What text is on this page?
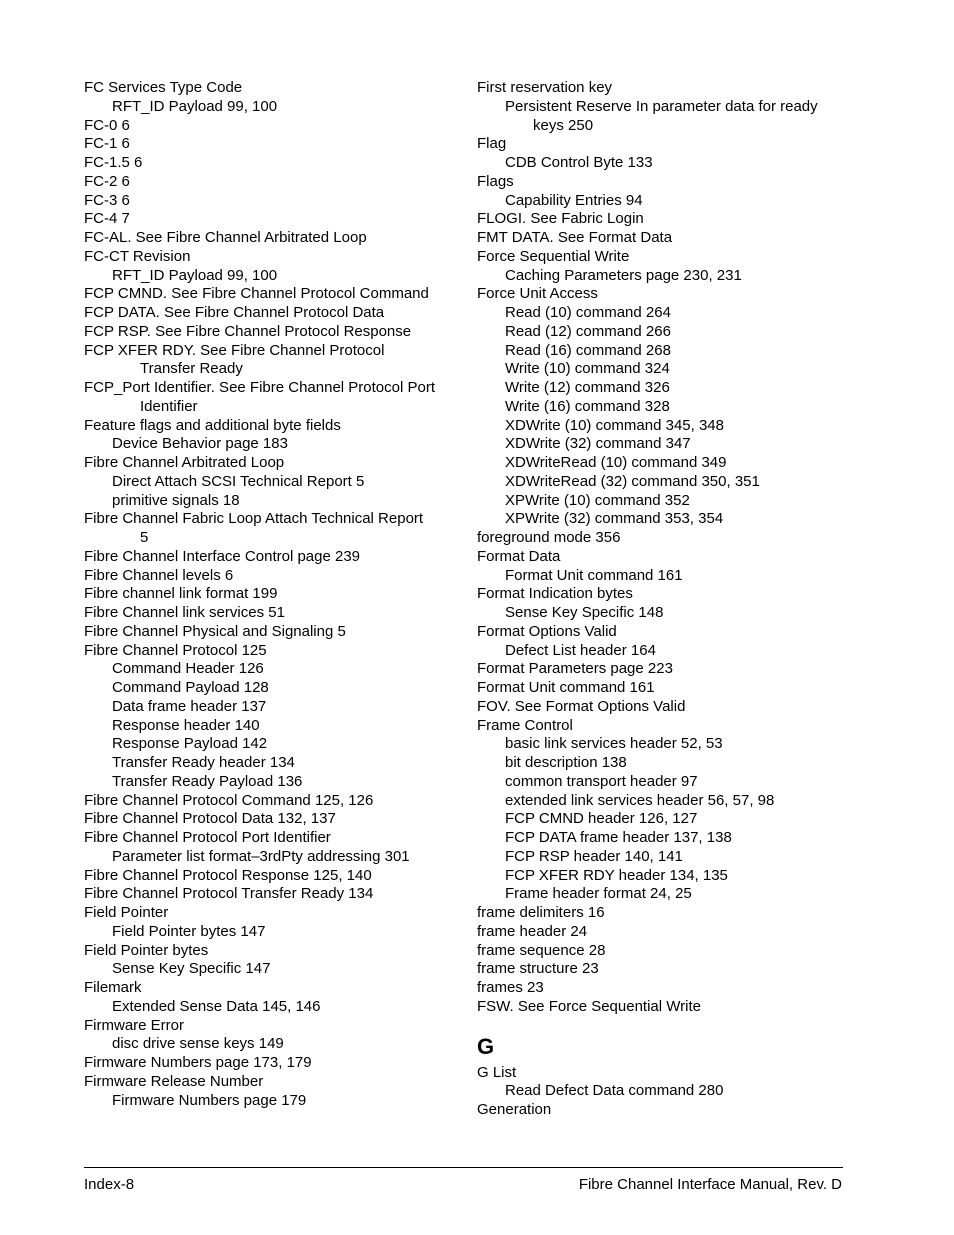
FC Services Type Code
RFT_ID Payload 99, 100
FC-0 6
FC-1 6
FC-1.5 6
FC-2 6
FC-3 6
FC-4 7
FC-AL. See Fibre Channel Arbitrated Loop
FC-CT Revision
RFT_ID Payload 99, 100
FCP CMND. See Fibre Channel Protocol Command
FCP DATA. See Fibre Channel Protocol Data
FCP RSP. See Fibre Channel Protocol Response
FCP XFER RDY. See Fibre Channel Protocol
Transfer Ready
FCP_Port Identifier. See Fibre Channel Protocol Port
Identifier
Feature flags and additional byte fields
Device Behavior page 183
Fibre Channel Arbitrated Loop
Direct Attach SCSI Technical Report 5
primitive signals 18
Fibre Channel Fabric Loop Attach Technical Report
5
Fibre Channel Interface Control page 239
Fibre Channel levels 6
Fibre channel link format 199
Fibre Channel link services 51
Fibre Channel Physical and Signaling 5
Fibre Channel Protocol 125
Command Header 126
Command Payload 128
Data frame header 137
Response header 140
Response Payload 142
Transfer Ready header 134
Transfer Ready Payload 136
Fibre Channel Protocol Command 125, 126
Fibre Channel Protocol Data 132, 137
Fibre Channel Protocol Port Identifier
Parameter list format–3rdPty addressing 301
Fibre Channel Protocol Response 125, 140
Fibre Channel Protocol Transfer Ready 134
Field Pointer
Field Pointer bytes 147
Field Pointer bytes
Sense Key Specific 147
Filemark
Extended Sense Data 145, 146
Firmware Error
disc drive sense keys 149
Firmware Numbers page 173, 179
Firmware Release Number
Firmware Numbers page 179
First reservation key
Persistent Reserve In parameter data for ready
keys 250
Flag
CDB Control Byte 133
Flags
Capability Entries 94
FLOGI. See Fabric Login
FMT DATA. See Format Data
Force Sequential Write
Caching Parameters page 230, 231
Force Unit Access
Read (10) command 264
Read (12) command 266
Read (16) command 268
Write (10) command 324
Write (12) command 326
Write (16) command 328
XDWrite (10) command 345, 348
XDWrite (32) command 347
XDWriteRead (10) command 349
XDWriteRead (32) command 350, 351
XPWrite (10) command 352
XPWrite (32) command 353, 354
foreground mode 356
Format Data
Format Unit command 161
Format Indication bytes
Sense Key Specific 148
Format Options Valid
Defect List header 164
Format Parameters page 223
Format Unit command 161
FOV. See Format Options Valid
Frame Control
basic link services header 52, 53
bit description 138
common transport header 97
extended link services header 56, 57, 98
FCP CMND header 126, 127
FCP DATA frame header 137, 138
FCP RSP header 140, 141
FCP XFER RDY header 134, 135
Frame header format 24, 25
frame delimiters 16
frame header 24
frame sequence 28
frame structure 23
frames 23
FSW. See Force Sequential Write
G
G List
Read Defect Data command 280
Generation
Index-8	Fibre Channel Interface Manual, Rev. D
